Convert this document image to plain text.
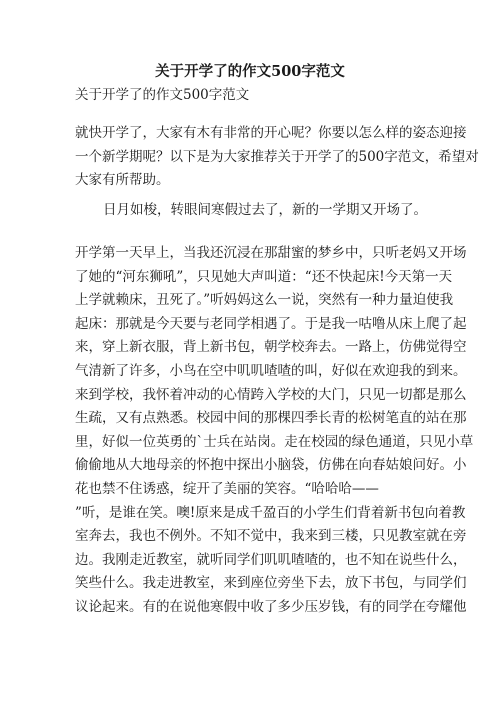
关于开学了的作文500字范文
关于开学了的作文500字范文
就快开学了，大家有木有非常的开心呢？你要以怎么样的姿态迎接
一个新学期呢？以下是为大家推荐关于开学了的500字范文，希望对
大家有所帮助。
日月如梭，转眼间寒假过去了，新的一学期又开场了。
开学第一天早上，当我还沉浸在那甜蜜的梦乡中，只听老妈又开场
了她的“河东狮吼”，只见她大声叫道：“还不快起床!今天第一天
上学就赖床，丑死了。”听妈妈这么一说，突然有一种力量迫使我
起床：那就是今天要与老同学相遇了。于是我一咕噜从床上爬了起
来，穿上新衣服，背上新书包，朝学校奔去。一路上，仿佛觉得空
气清新了许多，小鸟在空中叽叽喳喳的叫，好似在欢迎我的到来。
来到学校，我怀着冲动的心情跨入学校的大门，只见一切都是那么
生疏，又有点熟悉。校园中间的那棵四季长青的松树笔直的站在那
里，好似一位英勇的`士兵在站岗。走在校园的绿色通道，只见小草
偷偷地从大地母亲的怀抱中探出小脑袋，仿佛在向春姑娘问好。小
花也禁不住诱惑，绽开了美丽的笑容。“哈哈哈——
”听，是谁在笑。噢!原来是成千盈百的小学生们背着新书包向着教
室奔去，我也不例外。不知不觉中，我来到三楼，只见教室就在旁
边。我刚走近教室，就听同学们叽叽喳喳的，也不知在说些什么，
笑些什么。我走进教室，来到座位旁坐下去，放下书包，与同学们
议论起来。有的在说他寒假中收了多少压岁钱，有的同学在夸耀他
